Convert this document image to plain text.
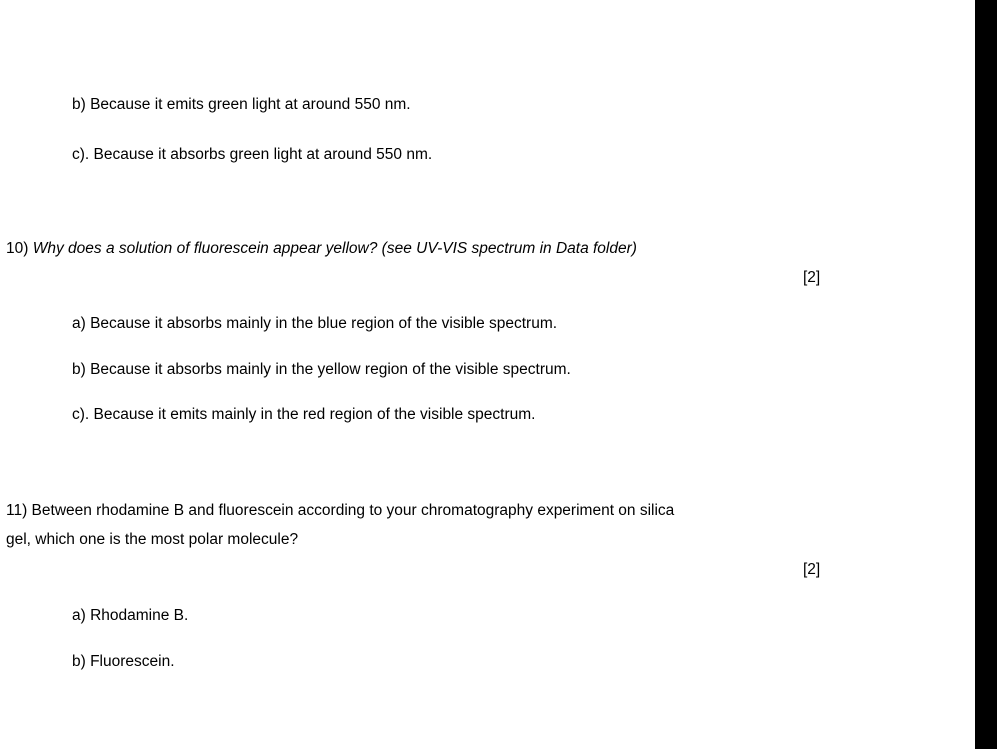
b) Because it emits green light at around 550 nm.
c). Because it absorbs green light at around 550 nm.
10) Why does a solution of fluorescein appear yellow? (see UV-VIS spectrum in Data folder)
[2]
a) Because it absorbs mainly in the blue region of the visible spectrum.
b) Because it absorbs mainly in the yellow region of the visible spectrum.
c). Because it emits mainly in the red region of the visible spectrum.
11) Between rhodamine B and fluorescein according to your chromatography experiment on silica
gel, which one is the most polar molecule?
[2]
a) Rhodamine B.
b) Fluorescein.
